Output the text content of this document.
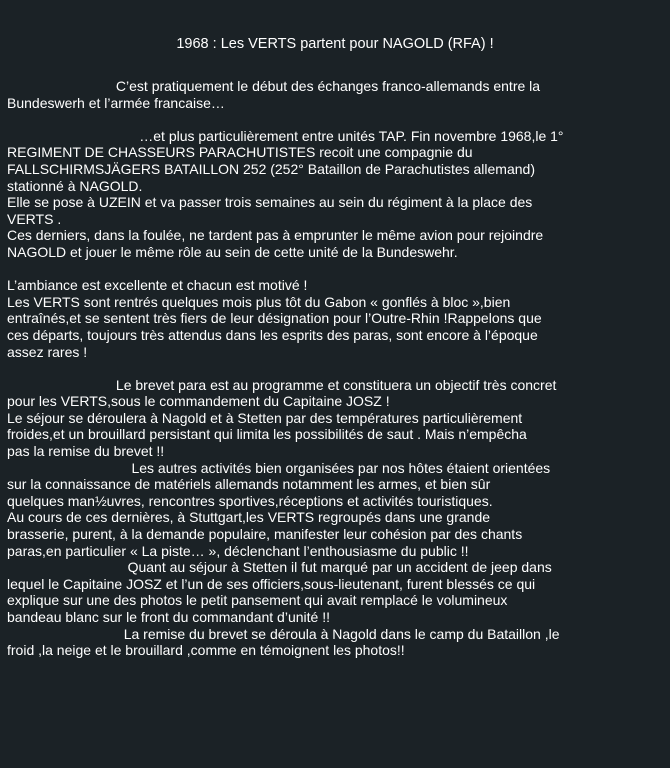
1968 : Les VERTS partent pour NAGOLD (RFA) !
C’est pratiquement le début des échanges franco-allemands entre la
Bundeswerh et l’armée francaise…
…et plus particulièrement entre unités TAP. Fin novembre 1968,le 1°
REGIMENT DE CHASSEURS PARACHUTISTES recoit une compagnie du
FALLSCHIRMSJÄGERS BATAILLON 252 (252° Bataillon de Parachutistes allemand)
stationné à NAGOLD.
Elle se pose à UZEIN et va passer trois semaines au sein du régiment à la place des
VERTS .
Ces derniers, dans la foulée, ne tardent pas à emprunter le même avion pour rejoindre
NAGOLD et jouer le même rôle au sein de cette unité de la Bundeswehr.
L’ambiance est excellente et chacun est motivé !
Les VERTS sont rentrés quelques mois plus tôt du Gabon « gonflés à bloc »,bien
entraînés,et se sentent très fiers de leur désignation pour l’Outre-Rhin !Rappelons que
ces départs, toujours très attendus dans les esprits des paras, sont encore à l’époque
assez rares !
Le brevet para est au programme et constituera un objectif très concret
pour les VERTS,sous le commandement du Capitaine JOSZ !
Le séjour se déroulera à Nagold et à Stetten par des températures particulièrement
froides,et un brouillard persistant qui limita les possibilités de saut . Mais n’empêcha
pas la remise du brevet !!
Les autres activités bien organisées par nos hôtes étaient orientées
sur la connaissance de matériels allemands notamment les armes, et bien sûr
quelques man½uvres, rencontres sportives,réceptions et activités touristiques.
Au cours de ces dernières, à Stuttgart,les VERTS regroupés dans une grande
brasserie, purent, à la demande populaire, manifester leur cohésion par des chants
paras,en particulier « La piste… », déclenchant l’enthousiasme du public !!
Quant au séjour à Stetten il fut marqué par un accident de jeep dans
lequel le Capitaine JOSZ et l’un de ses officiers,sous-lieutenant, furent blessés ce qui
explique sur une des photos le petit pansement qui avait remplacé le volumineux
bandeau blanc sur le front du commandant d’unité !!
La remise du brevet se déroula à Nagold dans le camp du Bataillon ,le
froid ,la neige et le brouillard ,comme en témoignent les photos!!
